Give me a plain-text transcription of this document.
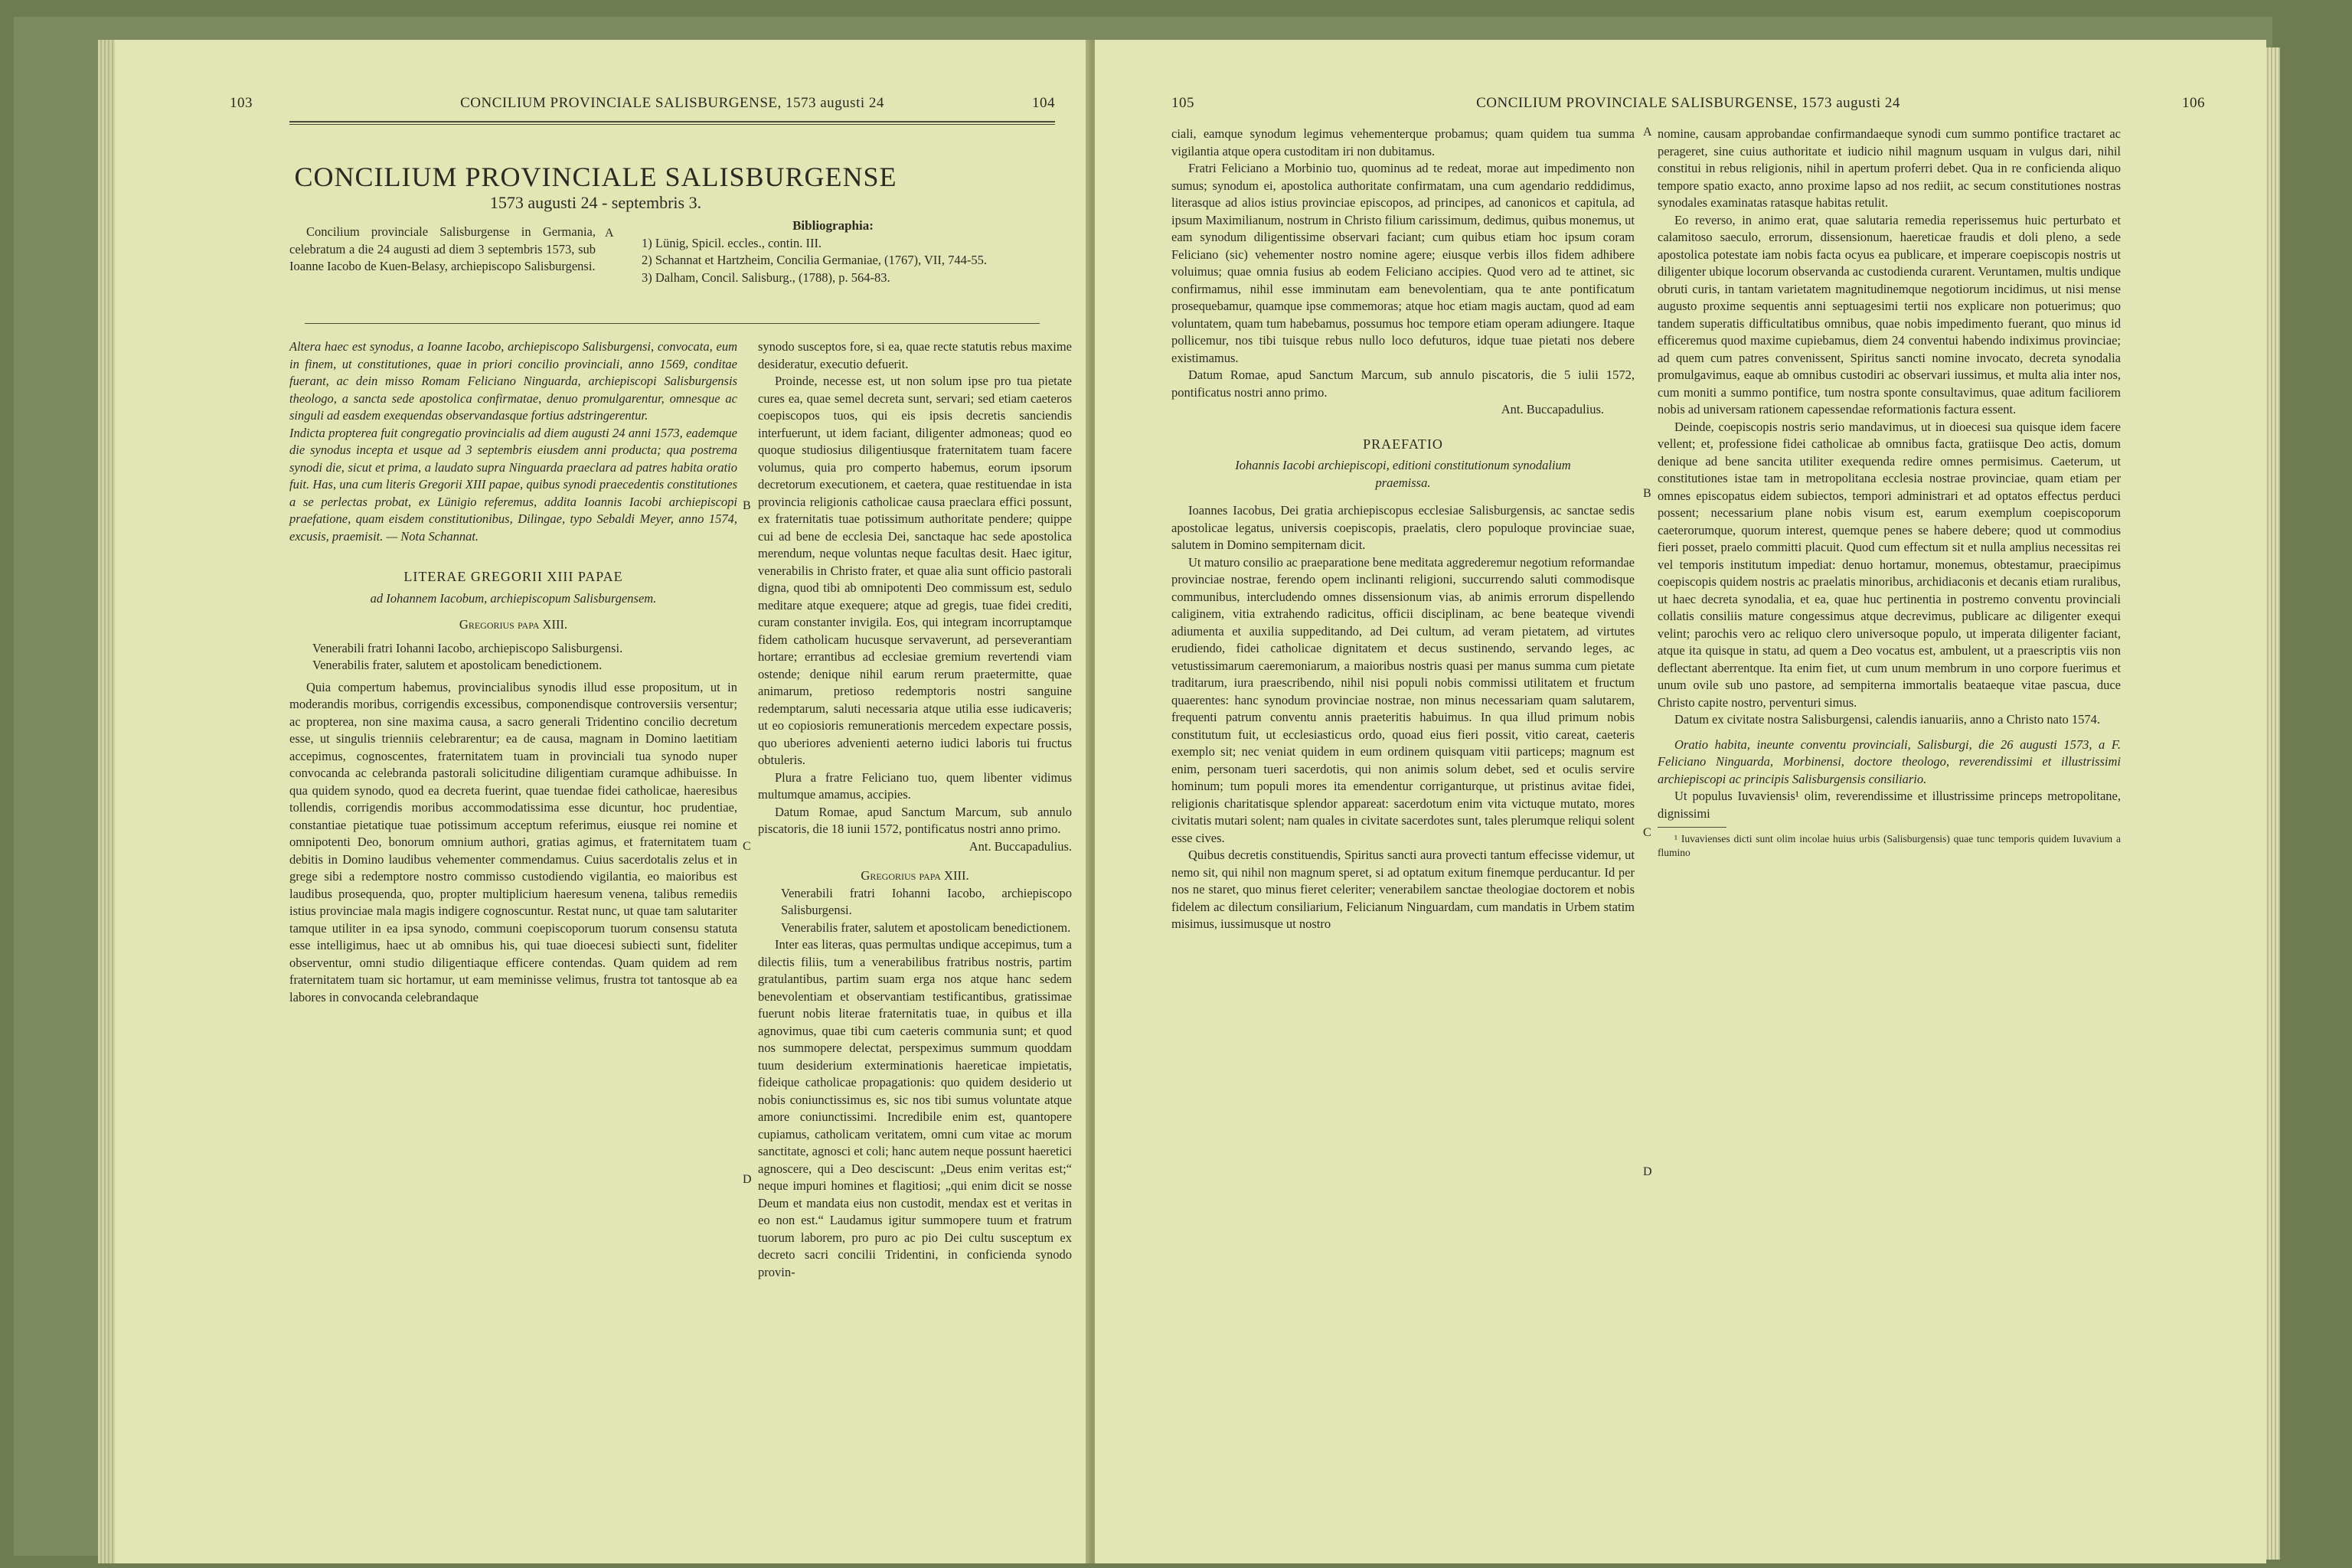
103	CONCILIUM PROVINCIALE SALISBURGENSE, 1573 augusti 24	104
CONCILIUM PROVINCIALE SALISBURGENSE
1573 augusti 24 - septembris 3.

Concilium provinciale Salisburgense in Germania, celebratum a die 24 augusti ad diem 3 septembris 1573, sub Ioanne Iacobo de Kuen-Belasy, archiepiscopo Salisburgensi.

Bibliographia:
1) Lünig, Spicil. eccles., contin. III.
2) Schannat et Hartzheim, Concilia Germaniae, (1767), VII, 744-55.
3) Dalham, Concil. Salisburg., (1788), p. 564-83.
A

Altera haec est synodus, a Ioanne Iacobo, archiepiscopo Salisburgensi, convocata, eum in finem, ut constitutiones, quae in priori concilio provinciali, anno 1569, conditae fuerant, ac dein misso Romam Feliciano Ninguarda, archiepiscopi Salisburgensis theologo, a sancta sede apostolica confirmatae, denuo promulgarentur, omnesque ac singuli ad easdem exequendas observandasque fortius adstringerentur.

Indicta propterea fuit congregatio provincialis ad diem augusti 24 anni 1573, eademque die synodus incepta et usque ad 3 septembris eiusdem anni producta; qua postrema synodi die, sicut et prima, a laudato supra Ninguarda praeclara ad patres habita oratio fuit. Has, una cum literis Gregorii XIII papae, quibus synodi praecedentis constitutiones a se perlectas probat, ex Lünigio referemus, addita Ioannis Iacobi archiepiscopi praefatione, quam eisdem constitutionibus, Dilingae, typo Sebaldi Meyer, anno 1574, excusis, praemisit. — Nota Schannat.

LITERAE GREGORII XIII PAPAE

ad Iohannem Iacobum, archiepiscopum Salisburgensem.

Gregorius papa XIII.

Venerabili fratri Iohanni Iacobo, archiepiscopo Salisburgensi.

Venerabilis frater, salutem et apostolicam benedictionem.

Quia compertum habemus, provincialibus synodis illud esse propositum, ut in moderandis moribus, corrigendis excessibus, componendisque controversiis versentur; ac propterea, non sine maxima causa, a sacro generali Tridentino concilio decretum esse, ut singulis trienniis celebrarentur; ea de causa, magnam in Domino laetitiam accepimus, cognoscentes, fraternitatem tuam in provinciali tua synodo nuper convocanda ac celebranda pastorali solicitudine diligentiam curamque adhibuisse. In qua quidem synodo, quod ea decreta fuerint, quae tuendae fidei catholicae, haeresibus tollendis, corrigendis moribus accommodatissima esse dicuntur, hoc prudentiae, constantiae pietatique tuae potissimum acceptum referimus, eiusque rei nomine et omnipotenti Deo, bonorum omnium authori, gratias agimus, et fraternitatem tuam debitis in Domino laudibus vehementer commendamus. Cuius sacerdotalis zelus et in grege sibi a redemptore nostro commisso custodiendo vigilantia, eo maioribus est laudibus prosequenda, quo, propter multiplicium haeresum venena, talibus remediis istius provinciae mala magis indigere cognoscuntur. Restat nunc, ut quae tam salutariter tamque utiliter in ea ipsa synodo, communi coepiscoporum tuorum consensu statuta esse intelligimus, haec ut ab omnibus his, qui tuae dioecesi subiecti sunt, fideliter observentur, omni studio diligentiaque efficere contendas. Quam quidem ad rem fraternitatem tuam sic hortamur, ut eam meminisse velimus, frustra tot tantosque ab ea labores in convocanda celebrandaque

synodo susceptos fore, si ea, quae recte statutis rebus maxime desideratur, executio defuerit.

Proinde, necesse est, ut non solum ipse pro tua pietate cures ea, quae semel decreta sunt, servari; sed etiam caeteros coepiscopos tuos, qui eis ipsis decretis sanciendis interfuerunt, ut idem faciant, diligenter admoneas; quod eo quoque studiosius diligentiusque fraternitatem tuam facere volumus, quia pro comperto habemus, eorum ipsorum decretorum executionem, et caetera, quae restituendae in ista provincia religionis catholicae causa praeclara effici possunt, ex fraternitatis tuae potissimum authoritate pendere; quippe cui ad bene de ecclesia Dei, sanctaque hac sede apostolica merendum, neque voluntas neque facultas desit. Haec igitur, venerabilis in Christo frater, et quae alia sunt officio pastorali digna, quod tibi ab omnipotenti Deo commissum est, sedulo meditare atque exequere; atque ad gregis, tuae fidei crediti, curam constanter invigila. Eos, qui integram incorruptamque fidem catholicam hucusque servaverunt, ad perseverantiam hortare; errantibus ad ecclesiae gremium revertendi viam ostende; denique nihil earum rerum praetermitte, quae animarum, pretioso redemptoris nostri sanguine redemptarum, saluti necessaria atque utilia esse iudicaveris; ut eo copiosioris remunerationis mercedem expectare possis, quo uberiores advenienti aeterno iudici laboris tui fructus obtuleris.

Plura a fratre Feliciano tuo, quem libenter vidimus multumque amamus, accipies.

Datum Romae, apud Sanctum Marcum, sub annulo piscatoris, die 18 iunii 1572, pontificatus nostri anno primo.

Ant. Buccapadulius.

Gregorius papa XIII.

Venerabili fratri Iohanni Iacobo, archiepiscopo Salisburgensi.

Venerabilis frater, salutem et apostolicam benedictionem.

Inter eas literas, quas permultas undique accepimus, tum a dilectis filiis, tum a venerabilibus fratribus nostris, partim gratulantibus, partim suam erga nos atque hanc sedem benevolentiam et observantiam testificantibus, gratissimae fuerunt nobis literae fraternitatis tuae, in quibus et illa agnovimus, quae tibi cum caeteris communia sunt; et quod nos summopere delectat, perspeximus summum quoddam tuum desiderium exterminationis haereticae impietatis, fideique catholicae propagationis: quo quidem desiderio ut nobis coniunctissimus es, sic nos tibi sumus voluntate atque amore coniunctissimi. Incredibile enim est, quantopere cupiamus, catholicam veritatem, omni cum vitae ac morum sanctitate, agnosci et coli; hanc autem neque possunt haeretici agnoscere, qui a Deo desciscunt: „Deus enim veritas est;“ neque impuri homines et flagitiosi; „qui enim dicit se nosse Deum et mandata eius non custodit, mendax est et veritas in eo non est.“ Laudamus igitur summopere tuum et fratrum tuorum laborem, pro puro ac pio Dei cultu susceptum ex decreto sacri concilii Tridentini, in conficienda synodo provin-

B
C
D
105	CONCILIUM PROVINCIALE SALISBURGENSE, 1573 augusti 24	106

ciali, eamque synodum legimus vehementerque probamus; quam quidem tua summa vigilantia atque opera custoditam iri non dubitamus.

Fratri Feliciano a Morbinio tuo, quominus ad te redeat, morae aut impedimento non sumus; synodum ei, apostolica authoritate confirmatam, una cum agendario reddidimus, literasque ad alios istius provinciae episcopos, ad principes, ad canonicos et capitula, ad ipsum Maximilianum, nostrum in Christo filium carissimum, dedimus, quibus monemus, ut eam synodum diligentissime observari faciant; cum quibus etiam hoc ipsum coram Feliciano (sic) vehementer nostro nomine agere; eiusque verbis illos fidem adhibere voluimus; quae omnia fusius ab eodem Feliciano accipies. Quod vero ad te attinet, sic confirmamus, nihil esse imminutam eam benevolentiam, qua te ante pontificatum prosequebamur, quamque ipse commemoras; atque hoc etiam magis auctam, quod ad eam voluntatem, quam tum habebamus, possumus hoc tempore etiam operam adiungere. Itaque pollicemur, nos tibi tuisque rebus nullo loco defuturos, idque tuae pietati nos debere existimamus.

Datum Romae, apud Sanctum Marcum, sub annulo piscatoris, die 5 iulii 1572, pontificatus nostri anno primo.

Ant. Buccapadulius.

PRAEFATIO

Iohannis Iacobi archiepiscopi, editioni constitutionum synodalium praemissa.

Ioannes Iacobus, Dei gratia archiepiscopus ecclesiae Salisburgensis, ac sanctae sedis apostolicae legatus, universis coepiscopis, praelatis, clero populoque provinciae suae, salutem in Domino sempiternam dicit.

Ut maturo consilio ac praeparatione bene meditata aggrederemur negotium reformandae provinciae nostrae, ferendo opem inclinanti religioni, succurrendo saluti commodisque communibus, intercludendo omnes dissensionum vias, ab animis errorum dispellendo caliginem, vitia extrahendo radicitus, officii disciplinam, ac bene beateque vivendi adiumenta et auxilia suppeditando, ad Dei cultum, ad veram pietatem, ad virtutes erudiendo, fidei catholicae dignitatem et decus sustinendo, servando leges, ac vetustissimarum caeremoniarum, a maioribus nostris quasi per manus summa cum pietate traditarum, iura praescribendo, nihil nisi populi nobis commissi utilitatem et fructum quaerentes: hanc synodum provinciae nostrae, non minus necessariam quam salutarem, frequenti patrum conventu annis praeteritis habuimus. In qua illud primum nobis constitutum fuit, ut ecclesiasticus ordo, quoad eius fieri possit, vitio careat, caeteris exemplo sit; nec veniat quidem in eum ordinem quisquam vitii particeps; magnum est enim, personam tueri sacerdotis, qui non animis solum debet, sed et oculis servire hominum; tum populi mores ita emendentur corriganturque, ut pristinus avitae fidei, religionis charitatisque splendor appareat: sacerdotum enim vita victuque mutato, mores civitatis mutari solent; nam quales in civitate sacerdotes sunt, tales plerumque reliqui solent esse cives.

Quibus decretis constituendis, Spiritus sancti aura provecti tantum effecisse videmur, ut nemo sit, qui nihil non magnum speret, si ad optatum exitum finemque perducantur. Id per nos ne staret, quo minus fieret celeriter; venerabilem sanctae theologiae doctorem et nobis fidelem ac dilectum consiliarium, Felicianum Ninguardam, cum mandatis in Urbem statim misimus, iussimusque ut nostro

nomine, causam approbandae confirmandaeque synodi cum summo pontifice tractaret ac perageret, sine cuius authoritate et iudicio nihil magnum usquam in vulgus dari, nihil constitui in rebus religionis, nihil in apertum proferri debet. Qua in re conficienda aliquo tempore spatio exacto, anno proxime lapso ad nos rediit, ac secum constitutiones nostras synodales examinatas ratasque habitas retulit.

Eo reverso, in animo erat, quae salutaria remedia reperissemus huic perturbato et calamitoso saeculo, errorum, dissensionum, haereticae fraudis et doli pleno, a sede apostolica potestate iam nobis facta ocyus ea publicare, et imperare coepiscopis nostris ut diligenter ubique locorum observanda ac custodienda curarent. Veruntamen, multis undique obruti curis, in tantam varietatem magnitudinemque negotiorum incidimus, ut nisi mense augusto proxime sequentis anni septuagesimi tertii nos explicare non potuerimus; quo tandem superatis difficultatibus omnibus, quae nobis impedimento fuerant, quo minus id efficeremus quod maxime cupiebamus, diem 24 conventui habendo indiximus provinciae; ad quem cum patres convenissent, Spiritus sancti nomine invocato, decreta synodalia promulgavimus, eaque ab omnibus custodiri ac observari iussimus, et multa alia inter nos, cum moniti a summo pontifice, tum nostra sponte consultavimus, quae aditum faciliorem nobis ad universam rationem capessendae reformationis factura essent.

Deinde, coepiscopis nostris serio mandavimus, ut in dioecesi sua quisque idem facere vellent; et, professione fidei catholicae ab omnibus facta, gratiisque Deo actis, domum denique ad bene sancita utiliter exequenda redire omnes permisimus. Caeterum, ut constitutiones istae tam in metropolitana ecclesia nostrae provinciae, quam etiam per omnes episcopatus eidem subiectos, tempori administrari et ad optatos effectus perduci possent; necessarium plane nobis visum est, earum exemplum coepiscoporum caeterorumque, quorum interest, quemque penes se habere debere; quod ut commodius fieri posset, praelo committi placuit. Quod cum effectum sit et nulla amplius necessitas rei vel temporis institutum impediat: denuo hortamur, monemus, obtestamur, praecipimus coepiscopis quidem nostris ac praelatis minoribus, archidiaconis et decanis etiam ruralibus, ut haec decreta synodalia, et ea, quae huc pertinentia in postremo conventu provinciali collatis consiliis mature congessimus atque decrevimus, publicare ac diligenter exequi velint; parochis vero ac reliquo clero universoque populo, ut imperata diligenter faciant, atque ita quisque in statu, ad quem a Deo vocatus est, ambulent, ut a praescriptis viis non deflectant aberrentque. Ita enim fiet, ut cum unum membrum in uno corpore fuerimus et unum ovile sub uno pastore, ad sempiterna immortalis beataeque vitae pascua, duce Christo capite nostro, perventuri simus.

Datum ex civitate nostra Salisburgensi, calendis ianuariis, anno a Christo nato 1574.

Oratio habita, ineunte conventu provinciali, Salisburgi, die 26 augusti 1573, a F. Feliciano Ninguarda, Morbinensi, doctore theologo, reverendissimi et illustrissimi archiepiscopi ac principis Salisburgensis consiliario.

Ut populus Iuvaviensis¹ olim, reverendissime et illustrissime princeps metropolitane, dignissimi

¹ Iuvavienses dicti sunt olim incolae huius urbis (Salisburgensis) quae tunc temporis quidem Iuvavium a flumino

A
B
C
D
